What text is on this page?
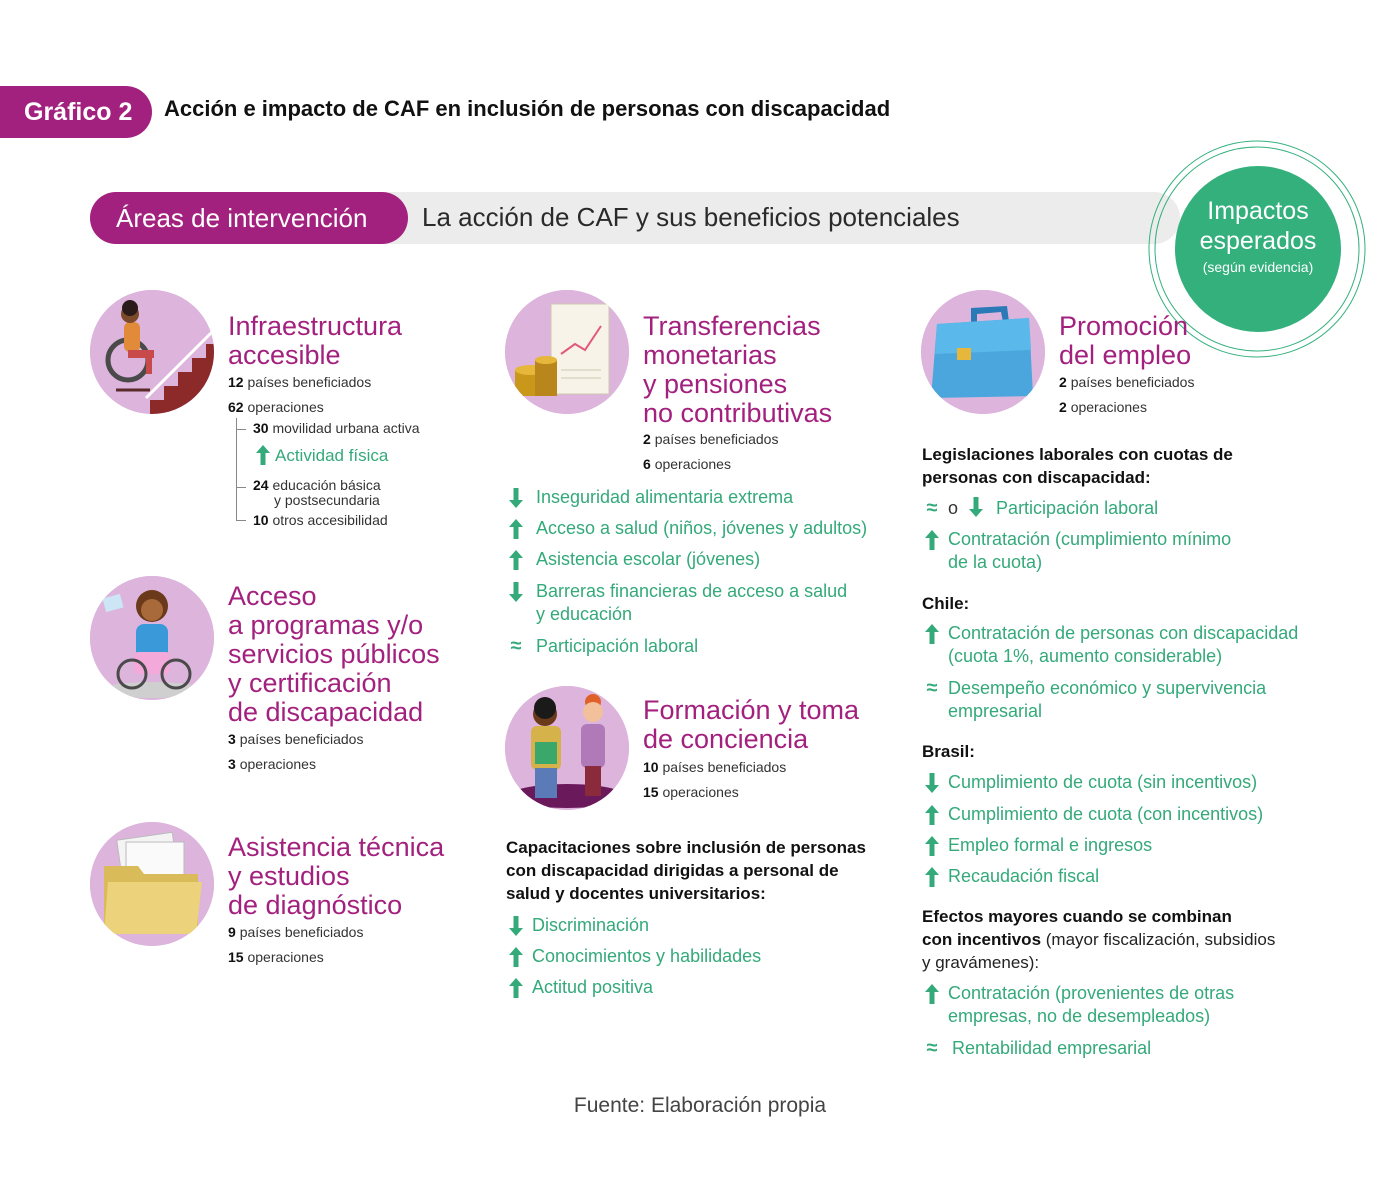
Gráfico 2	Acción e impacto de CAF en inclusión de personas con discapacidad
Áreas de intervención	La acción de CAF y sus beneficios potenciales	Impactos
esperados
(según evidencia)
Infraestructura
accesible
12 países beneficiados
62 operaciones
30 movilidad urbana activa
Actividad física
24 educación básica
y postsecundaria
10 otros accesibilidad
Acceso
a programas y/o
servicios públicos
y certificación
de discapacidad
3 países beneficiados
3 operaciones
Asistencia técnica
y estudios
de diagnóstico
9 países beneficiados
15 operaciones
Transferencias
monetarias
y pensiones
no contributivas
2 países beneficiados
6 operaciones
Inseguridad alimentaria extrema
Acceso a salud (niños, jóvenes y adultos)
Asistencia escolar (jóvenes)
Barreras financieras de acceso a salud
y educación
≈ Participación laboral
Formación y toma
de conciencia
10 países beneficiados
15 operaciones
Capacitaciones sobre inclusión de personas
con discapacidad dirigidas a personal de
salud y docentes universitarios:
Discriminación
Conocimientos y habilidades
Actitud positiva
Promoción
del empleo
2 países beneficiados
2 operaciones
Legislaciones laborales con cuotas de
personas con discapacidad:
≈ o Participación laboral
Contratación (cumplimiento mínimo
de la cuota)
Chile:
Contratación de personas con discapacidad
(cuota 1%, aumento considerable)
≈ Desempeño económico y supervivencia
empresarial
Brasil:
Cumplimiento de cuota (sin incentivos)
Cumplimiento de cuota (con incentivos)
Empleo formal e ingresos
Recaudación fiscal
Efectos mayores cuando se combinan
con incentivos (mayor fiscalización, subsidios
y gravámenes):
Contratación (provenientes de otras
empresas, no de desempleados)
≈ Rentabilidad empresarial
Fuente: Elaboración propia
